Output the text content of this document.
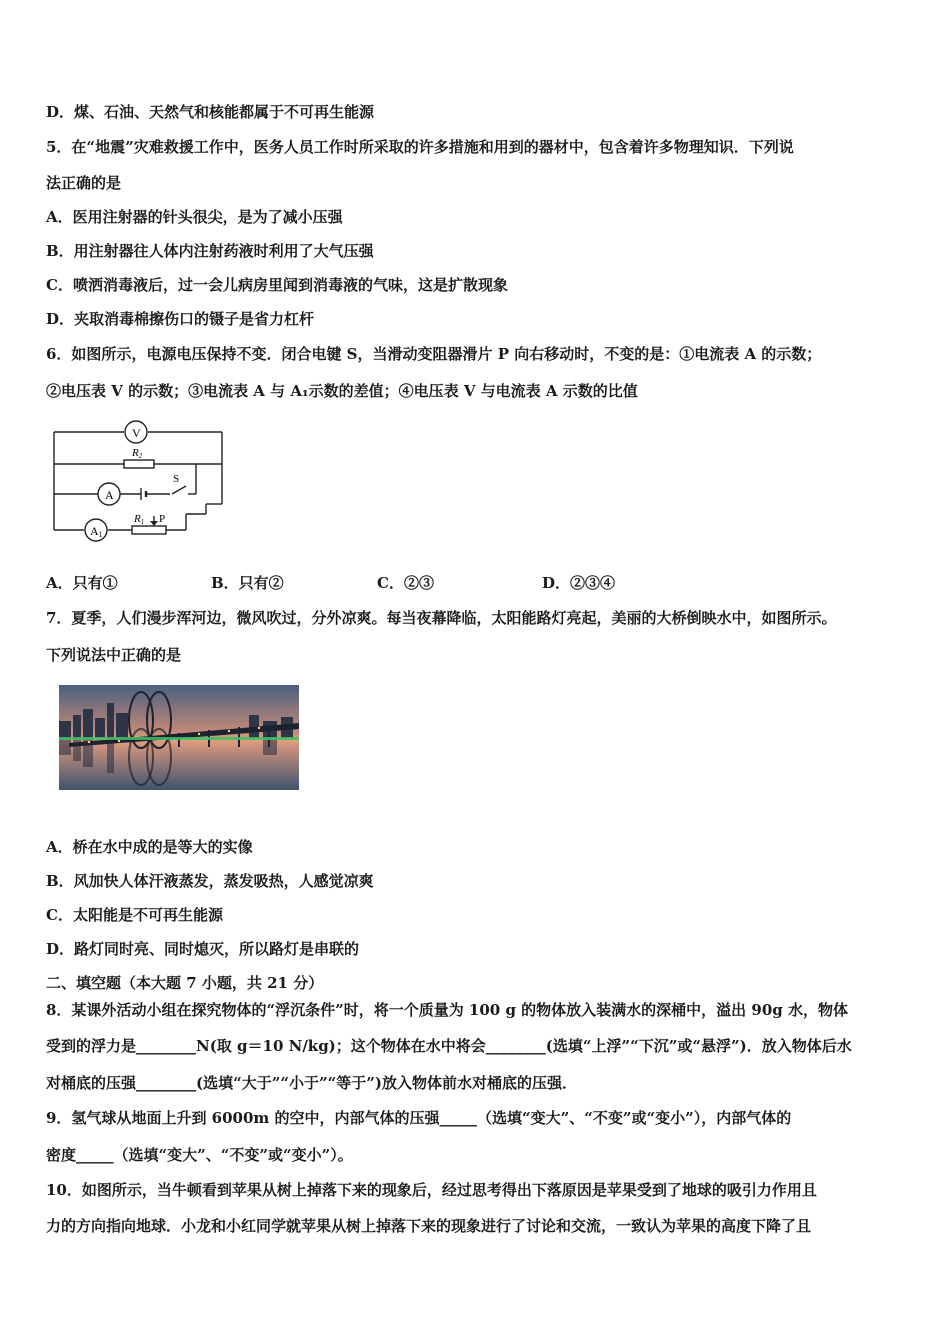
D．煤、石油、天然气和核能都属于不可再生能源
5．在“地震”灾难救援工作中，医务人员工作时所采取的许多措施和用到的器材中，包含着许多物理知识．下列说
法正确的是
A．医用注射器的针头很尖，是为了减小压强
B．用注射器往人体内注射药液时利用了大气压强
C．喷洒消毒液后，过一会儿病房里闻到消毒液的气味，这是扩散现象
D．夹取消毒棉擦伤口的镊子是省力杠杆
6．如图所示，电源电压保持不变．闭合电键 S，当滑动变阻器滑片 P 向右移动时，不变的是：①电流表 A 的示数；
②电压表 V 的示数；③电流表 A 与 A₁示数的差值；④电压表 V 与电流表 A 示数的比值
V
A
A1
R2
S
R1 P
A．只有①	B．只有②	C．②③	D．②③④
7．夏季，人们漫步浑河边，微风吹过，分外凉爽。每当夜幕降临，太阳能路灯亮起，美丽的大桥倒映水中，如图所示。
下列说法中正确的是
A．桥在水中成的是等大的实像
B．风加快人体汗液蒸发，蒸发吸热，人感觉凉爽
C．太阳能是不可再生能源
D．路灯同时亮、同时熄灭，所以路灯是串联的
二、填空题（本大题 7 小题，共 21 分）
8．某课外活动小组在探究物体的“浮沉条件”时，将一个质量为 100 g 的物体放入装满水的深桶中，溢出 90g 水，物体
受到的浮力是________N(取 g＝10 N/kg)；这个物体在水中将会________(选填“上浮”“下沉”或“悬浮”)．放入物体后水
对桶底的压强________(选填“大于”“小于”“等于”)放入物体前水对桶底的压强．
9．氢气球从地面上升到 6000m 的空中，内部气体的压强_____（选填“变大”、“不变”或“变小”），内部气体的
密度_____（选填“变大”、“不变”或“变小”）。
10．如图所示，当牛顿看到苹果从树上掉落下来的现象后，经过思考得出下落原因是苹果受到了地球的吸引力作用且
力的方向指向地球．小龙和小红同学就苹果从树上掉落下来的现象进行了讨论和交流，一致认为苹果的高度下降了且
